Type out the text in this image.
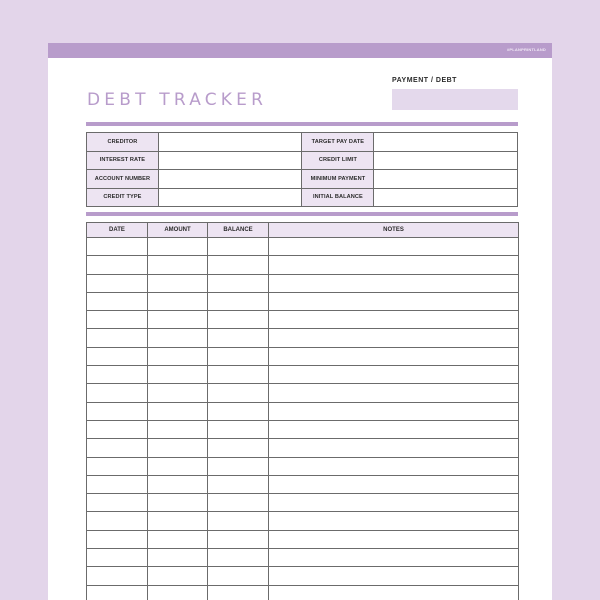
#PLANPRINTLAND
DEBT TRACKER
PAYMENT / DEBT
CREDITOR		TARGET PAY DATE	
INTEREST RATE		CREDIT LIMIT	
ACCOUNT NUMBER		MINIMUM PAYMENT	
CREDIT TYPE		INITIAL BALANCE	
DATE	AMOUNT	BALANCE	NOTES
